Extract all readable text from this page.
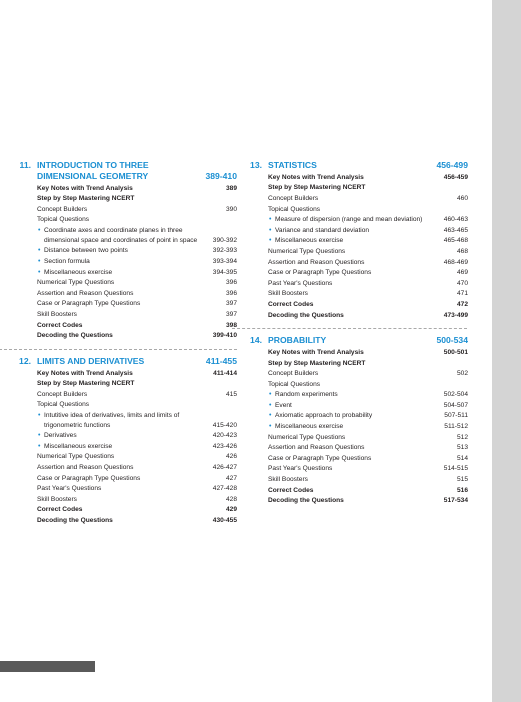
11. INTRODUCTION TO THREE DIMENSIONAL GEOMETRY	389-410
Key Notes with Trend Analysis	389
Step by Step Mastering NCERT
Concept Builders	390
Topical Questions
• Coordinate axes and coordinate planes in three dimensional space and coordinates of point in space	390-392
• Distance between two points	392-393
• Section formula	393-394
• Miscellaneous exercise	394-395
Numerical Type Questions	396
Assertion and Reason Questions	396
Case or Paragraph Type Questions	397
Skill Boosters	397
Correct Codes	398
Decoding the Questions	399-410
12. LIMITS AND DERIVATIVES	411-455
Key Notes with Trend Analysis	411-414
Step by Step Mastering NCERT
Concept Builders	415
Topical Questions
• Intutitive idea of derivatives, limits and limits of trigonometric functions	415-420
• Derivatives	420-423
• Miscellaneous exercise	423-426
Numerical Type Questions	426
Assertion and Reason Questions	426-427
Case or Paragraph Type Questions	427
Past Year's Questions	427-428
Skill Boosters	428
Correct Codes	429
Decoding the Questions	430-455
13. STATISTICS	456-499
Key Notes with Trend Analysis	456-459
Step by Step Mastering NCERT
Concept Builders	460
Topical Questions
• Measure of dispersion (range and mean deviation)	460-463
• Variance and standard deviation	463-465
• Miscellaneous exercise	465-468
Numerical Type Questions	468
Assertion and Reason Questions	468-469
Case or Paragraph Type Questions	469
Past Year's Questions	470
Skill Boosters	471
Correct Codes	472
Decoding the Questions	473-499
14. PROBABILITY	500-534
Key Notes with Trend Analysis	500-501
Step by Step Mastering NCERT
Concept Builders	502
Topical Questions
• Random experiments	502-504
• Event	504-507
• Axiomatic approach to probability	507-511
• Miscellaneous exercise	511-512
Numerical Type Questions	512
Assertion and Reason Questions	513
Case or Paragraph Type Questions	514
Past Year's Questions	514-515
Skill Boosters	515
Correct Codes	516
Decoding the Questions	517-534
